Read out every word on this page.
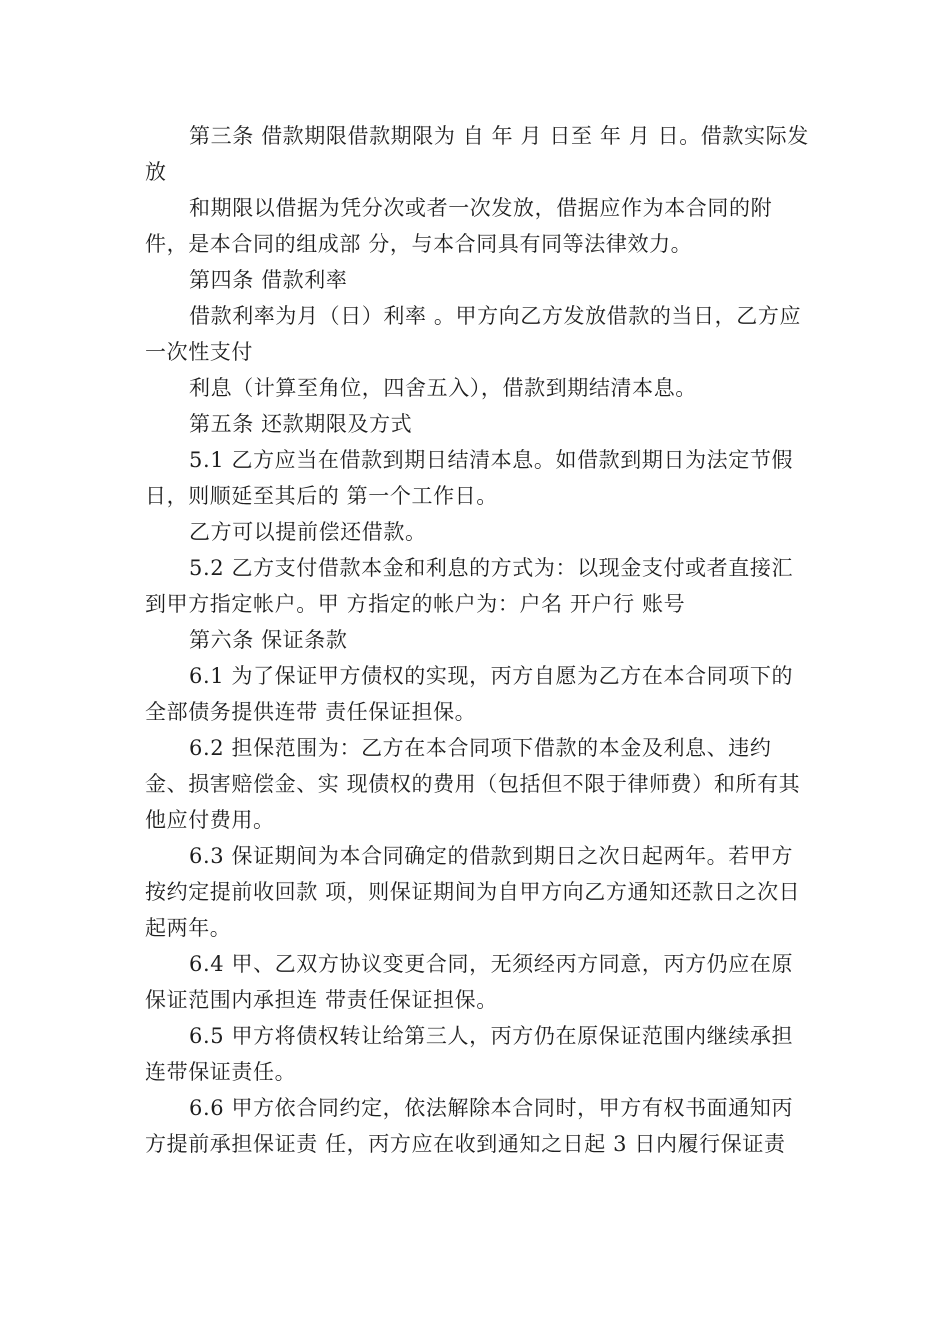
第三条 借款期限借款期限为 自 年 月 日至 年 月 日。借款实际发放

和期限以借据为凭分次或者一次发放，借据应作为本合同的附件，是本合同的组成部 分，与本合同具有同等法律效力。

第四条 借款利率

借款利率为月（日）利率 。甲方向乙方发放借款的当日，乙方应一次性支付

利息（计算至角位，四舍五入），借款到期结清本息。

第五条 还款期限及方式

5.1 乙方应当在借款到期日结清本息。如借款到期日为法定节假日，则顺延至其后的 第一个工作日。

乙方可以提前偿还借款。

5.2 乙方支付借款本金和利息的方式为：以现金支付或者直接汇到甲方指定帐户。甲 方指定的帐户为：户名 开户行 账号

第六条 保证条款

6.1 为了保证甲方债权的实现，丙方自愿为乙方在本合同项下的全部债务提供连带 责任保证担保。

6.2 担保范围为：乙方在本合同项下借款的本金及利息、违约金、损害赔偿金、实 现债权的费用（包括但不限于律师费）和所有其他应付费用。

6.3 保证期间为本合同确定的借款到期日之次日起两年。若甲方按约定提前收回款 项，则保证期间为自甲方向乙方通知还款日之次日起两年。

6.4 甲、乙双方协议变更合同，无须经丙方同意，丙方仍应在原保证范围内承担连 带责任保证担保。

6.5 甲方将债权转让给第三人，丙方仍在原保证范围内继续承担连带保证责任。

6.6 甲方依合同约定，依法解除本合同时，甲方有权书面通知丙方提前承担保证责 任，丙方应在收到通知之日起 3 日内履行保证责
